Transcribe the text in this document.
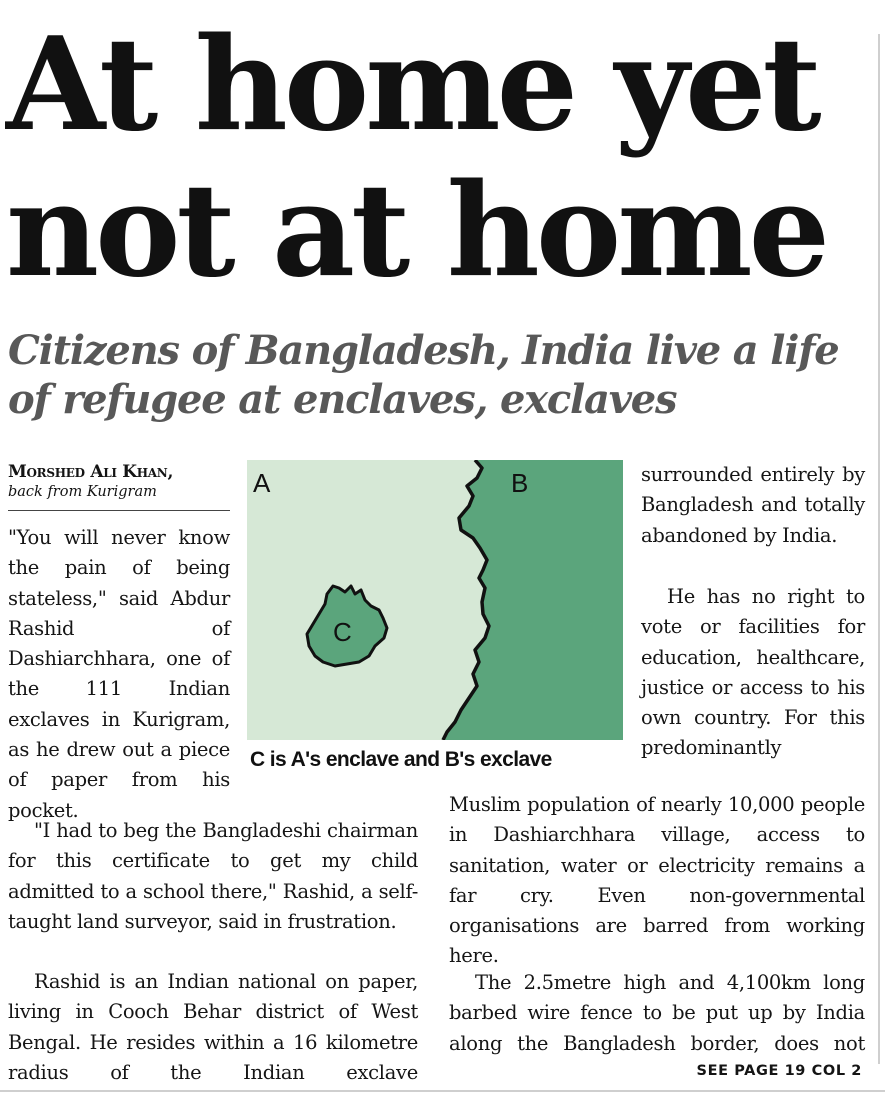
At home yet
not at home
Citizens of Bangladesh, India live a life
of refugee at enclaves, exclaves
Morshed Ali Khan,
back from Kurigram

"You will never know the pain of being stateless," said Abdur Rashid of Dashiarchhara, one of the 111 Indian exclaves in Kurigram, as he drew out a piece of paper from his pocket.

A	B
C

C is A's enclave and B's exclave

"I had to beg the Bangladeshi chairman for this certificate to get my child admitted to a school there," Rashid, a self-taught land surveyor, said in frustration.

Rashid is an Indian national on paper, living in Cooch Behar district of West Bengal. He resides within a 16 kilometre radius of the Indian exclave

surrounded entirely by Bangladesh and totally abandoned by India.

He has no right to vote or facilities for education, healthcare, justice or access to his own country. For this predominantly

Muslim population of nearly 10,000 people in Dashiarchhara village, access to sanitation, water or electricity remains a far cry. Even non-governmental organisations are barred from working here.

The 2.5metre high and 4,100km long barbed wire fence to be put up by India along the Bangladesh border, does not

SEE PAGE 19 COL 2
